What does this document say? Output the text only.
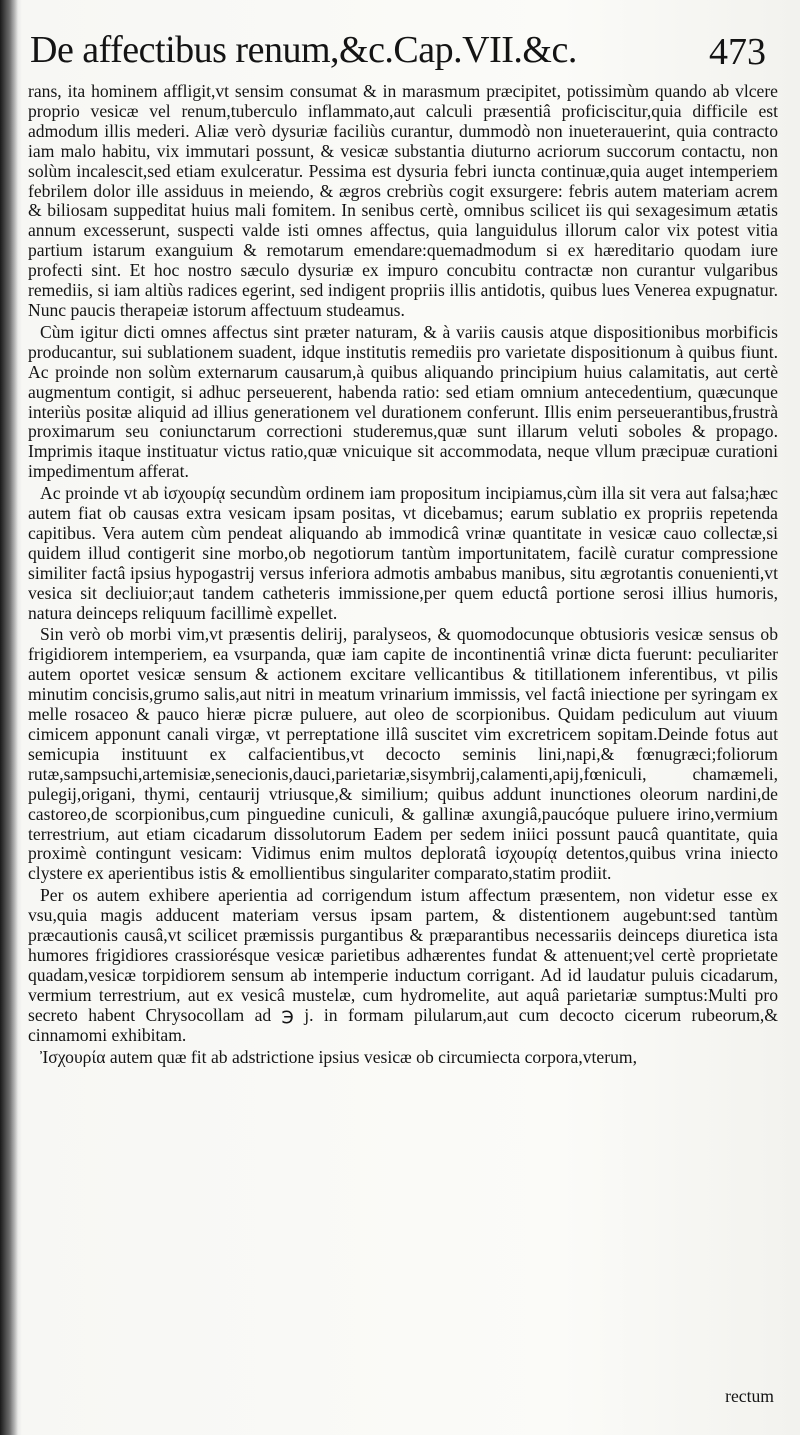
De affectibus renum,&c.Cap.VII.&c.	473

rans, ita hominem affligit,vt sensim consumat & in marasmum præcipitet, potissimùm quando ab vlcere proprio vesicæ vel renum,tuberculo inflammato,aut calculi præsentiâ proficiscitur,quia difficile est admodum illis mederi. Aliæ verò dysuriæ faciliùs curantur, dummodò non inueterauerint, quia contracto iam malo habitu, vix immutari possunt, & vesicæ substantia diuturno acriorum succorum contactu, non solùm incalescit,sed etiam exulceratur. Pessima est dysuria febri iuncta continuæ,quia auget intemperiem febrilem dolor ille assiduus in meiendo, & ægros crebriùs cogit exsurgere: febris autem materiam acrem & biliosam suppeditat huius mali fomitem. In senibus certè, omnibus scilicet iis qui sexagesimum ætatis annum excesserunt, suspecti valde isti omnes affectus, quia languidulus illorum calor vix potest vitia partium istarum exanguium & remotarum emendare:quemadmodum si ex hæreditario quodam iure profecti sint. Et hoc nostro sæculo dysuriæ ex impuro concubitu contractæ non curantur vulgaribus remediis, si iam altiùs radices egerint, sed indigent propriis illis antidotis, quibus lues Venerea expugnatur. Nunc paucis therapeiæ istorum affectuum studeamus.

Cùm igitur dicti omnes affectus sint præter naturam, & à variis causis atque dispositionibus morbificis producantur, sui sublationem suadent, idque institutis remediis pro varietate dispositionum à quibus fiunt. Ac proinde non solùm externarum causarum,à quibus aliquando principium huius calamitatis, aut certè augmentum contigit, si adhuc perseuerent, habenda ratio: sed etiam omnium antecedentium, quæcunque interiùs positæ aliquid ad illius generationem vel durationem conferunt. Illis enim perseuerantibus,frustrà proximarum seu coniunctarum correctioni studeremus,quæ sunt illarum veluti soboles & propago. Imprimis itaque instituatur victus ratio,quæ vnicuique sit accommodata, neque vllum præcipuæ curationi impedimentum afferat.

Ac proinde vt ab ἰσχουρίᾳ secundùm ordinem iam propositum incipiamus,cùm illa sit vera aut falsa;hæc autem fiat ob causas extra vesicam ipsam positas, vt dicebamus; earum sublatio ex propriis repetenda capitibus. Vera autem cùm pendeat aliquando ab immodicâ vrinæ quantitate in vesicæ cauo collectæ,si quidem illud contigerit sine morbo,ob negotiorum tantùm importunitatem, facilè curatur compressione similiter factâ ipsius hypogastrij versus inferiora admotis ambabus manibus, situ ægrotantis conuenienti,vt vesica sit decliuior;aut tandem catheteris immissione,per quem eductâ portione serosi illius humoris, natura deinceps reliquum facillimè expellet.

Sin verò ob morbi vim,vt præsentis delirij, paralyseos, & quomodocunque obtusioris vesicæ sensus ob frigidiorem intemperiem, ea vsurpanda, quæ iam capite de incontinentiâ vrinæ dicta fuerunt: peculiariter autem oportet vesicæ sensum & actionem excitare vellicantibus & titillationem inferentibus, vt pilis minutim concisis,grumo salis,aut nitri in meatum vrinarium immissis, vel factâ iniectione per syringam ex melle rosaceo & pauco hieræ picræ puluere, aut oleo de scorpionibus. Quidam pediculum aut viuum cimicem apponunt canali virgæ, vt perreptatione illâ suscitet vim excretricem sopitam.Deinde fotus aut semicupia instituunt ex calfacientibus,vt decocto seminis lini,napi,& fœnugræci;foliorum rutæ,sampsuchi,artemisiæ,senecionis,dauci,parietariæ,sisymbrij,calamenti,apij,fœniculi, chamæmeli, pulegij,origani, thymi, centaurij vtriusque,& similium; quibus addunt inunctiones oleorum nardini,de castoreo,de scorpionibus,cum pinguedine cuniculi, & gallinæ axungiâ,paucóque puluere irino,vermium terrestrium, aut etiam cicadarum dissolutorum Eadem per sedem iniici possunt paucâ quantitate, quia proximè contingunt vesicam: Vidimus enim multos deploratâ ἰσχουρίᾳ detentos,quibus vrina iniecto clystere ex aperientibus istis & emollientibus singulariter comparato,statim prodiit.

Per os autem exhibere aperientia ad corrigendum istum affectum præsentem, non videtur esse ex vsu,quia magis adducent materiam versus ipsam partem, & distentionem augebunt:sed tantùm præcautionis causâ,vt scilicet præmissis purgantibus & præparantibus necessariis deinceps diuretica ista humores frigidiores crassiorésque vesicæ parietibus adhærentes fundat & attenuent;vel certè proprietate quadam,vesicæ torpidiorem sensum ab intemperie inductum corrigant. Ad id laudatur puluis cicadarum, vermium terrestrium, aut ex vesicâ mustelæ, cum hydromelite, aut aquâ parietariæ sumptus:Multi pro secreto habent Chrysocollam ad ℈ j. in formam pilularum,aut cum decocto cicerum rubeorum,& cinnamomi exhibitam.

Ἰσχουρία autem quæ fit ab adstrictione ipsius vesicæ ob circumiecta corpora,vterum,

rectum
